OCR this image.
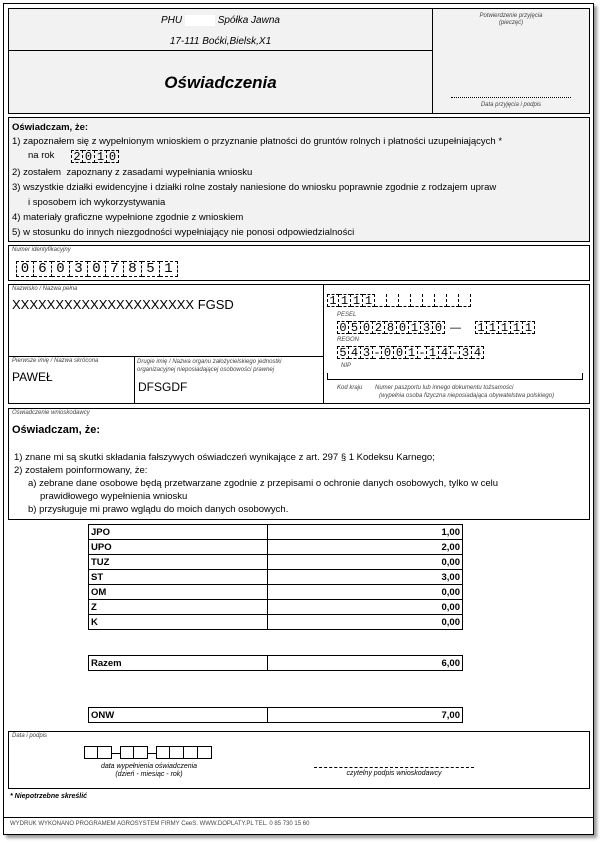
PHU	Spółka Jawna
17-111 Boćki,Bielsk,X1
Oświadczenia
Potwierdzenie przyjęcia
(pieczęć)
Data przyjęcia i podpis
Oświadczam, że:
1) zapoznałem się z wypełnionym wnioskiem o przyznanie płatności do gruntów rolnych i płatności uzupełniających *
na rok 2 0 1 0
2) zostałem  zapoznany z zasadami wypełniania wniosku
3) wszystkie działki ewidencyjne i działki rolne zostały naniesione do wniosku poprawnie zgodnie z rodzajem upraw
i sposobem ich wykorzystywania
4) materiały graficzne wypełnione zgodnie z wnioskiem
5) w stosunku do innych niezgodności wypełniający nie ponosi odpowiedzialności
Numer identyfikacyjny
0 6 0 3 0 7 8 5 1
Nazwisko / Nazwa pełna
XXXXXXXXXXXXXXXXXXXXX FGSD
Pierwsze imię / Nazwa skrócona
PAWEŁ
Drugie imię / Nazwa organu założycielskiego jednostki organizacyjnej nieposiadającej osobowości prawnej
DFSGDF
1 1 1 1
PESEL
0 5 0 2 8 0 1 3 0 — 1 1 1 1 1
REGON
5 4 3 - 0 0 1 - 1 4 - 3 4
NIP
Kod kraju Numer paszportu lub innego dokumentu tożsamości
(wypełnia osoba fizyczna nieposiadająca obywatelstwa polskiego)
Oświadczenie wnioskodawcy
Oświadczam, że:
1) znane mi są skutki składania fałszywych oświadczeń wynikające z art. 297 § 1 Kodeksu Karnego;
2) zostałem poinformowany, że:
a) zebrane dane osobowe będą przetwarzane zgodnie z przepisami o ochronie danych osobowych, tylko w celu
prawidłowego wypełnienia wniosku
b) przysługuje mi prawo wglądu do moich danych osobowych.
JPO	1,00
UPO	2,00
TUZ	0,00
ST	3,00
OM	0,00
Z	0,00
K	0,00
Razem	6,00
ONW	7,00
Data i podpis
data wypełnienia oświadczenia
(dzień - miesiąc - rok)	czytelny podpis wnioskodawcy
* Niepotrzebne skreślić
WYDRUK WYKONANO PROGRAMEM AGROSYSTEM FIRMY CeeS. WWW.DOPLATY.PL TEL. 0 85 730 15 60
